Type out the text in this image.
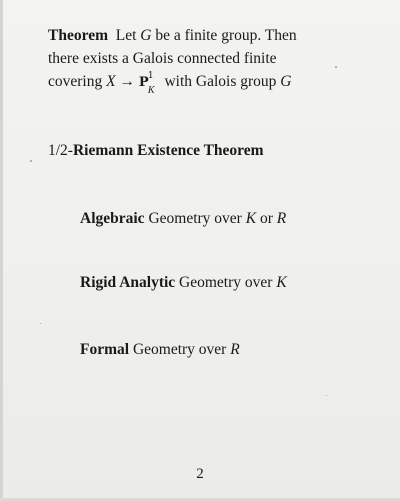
Theorem Let G be a finite group. Then
there exists a Galois connected finite
covering X → P 1
K
with Galois group G
1/2-Riemann Existence Theorem
Algebraic Geometry over K or R
Rigid Analytic Geometry over K
Formal Geometry over R
2
